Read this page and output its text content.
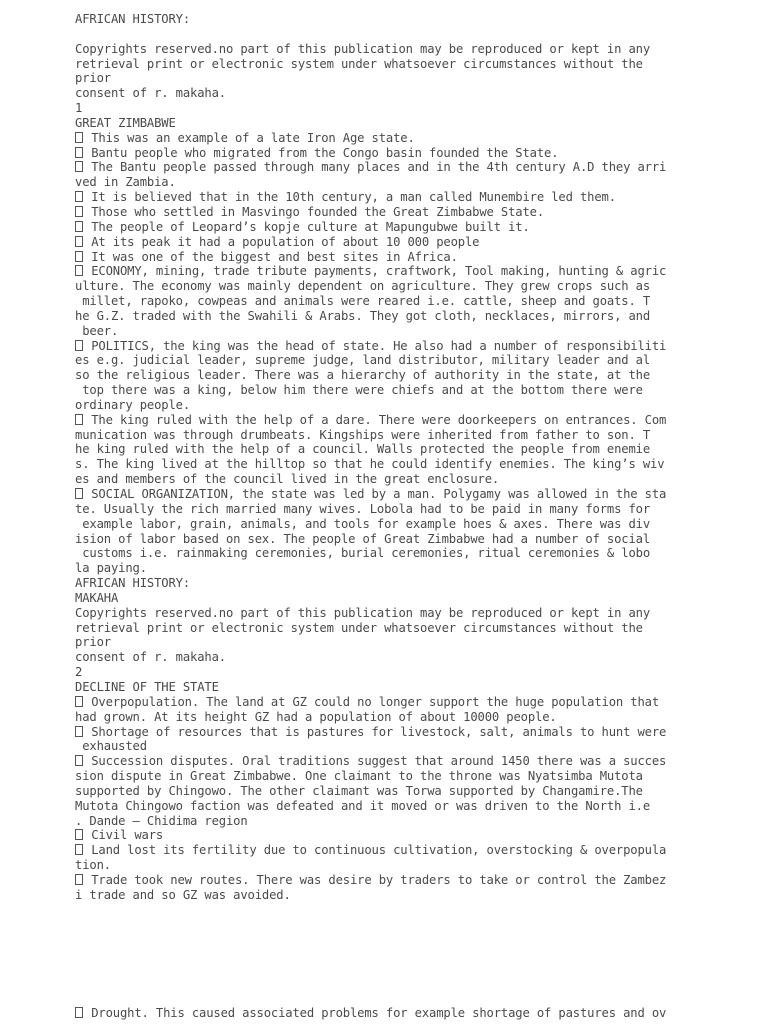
AFRICAN HISTORY:
Copyrights reserved.no part of this publication may be reproduced or kept in any
retrieval print or electronic system under whatsoever circumstances without the
prior
consent of r. makaha.
1
GREAT ZIMBABWE
This was an example of a late Iron Age state.
Bantu people who migrated from the Congo basin founded the State.
The Bantu people passed through many places and in the 4th century A.D they arri
ved in Zambia.
It is believed that in the 10th century, a man called Munembire led them.
Those who settled in Masvingo founded the Great Zimbabwe State.
The people of Leopard’s kopje culture at Mapungubwe built it.
At its peak it had a population of about 10 000 people
It was one of the biggest and best sites in Africa.
ECONOMY, mining, trade tribute payments, craftwork, Tool making, hunting & agric
ulture. The economy was mainly dependent on agriculture. They grew crops such as
millet, rapoko, cowpeas and animals were reared i.e. cattle, sheep and goats. T
he G.Z. traded with the Swahili & Arabs. They got cloth, necklaces, mirrors, and
beer.
POLITICS, the king was the head of state. He also had a number of responsibiliti
es e.g. judicial leader, supreme judge, land distributor, military leader and al
so the religious leader. There was a hierarchy of authority in the state, at the
top there was a king, below him there were chiefs and at the bottom there were
ordinary people.
The king ruled with the help of a dare. There were doorkeepers on entrances. Com
munication was through drumbeats. Kingships were inherited from father to son. T
he king ruled with the help of a council. Walls protected the people from enemie
s. The king lived at the hilltop so that he could identify enemies. The king’s wiv
es and members of the council lived in the great enclosure.
SOCIAL ORGANIZATION, the state was led by a man. Polygamy was allowed in the sta
te. Usually the rich married many wives. Lobola had to be paid in many forms for
example labor, grain, animals, and tools for example hoes & axes. There was div
ision of labor based on sex. The people of Great Zimbabwe had a number of social
customs i.e. rainmaking ceremonies, burial ceremonies, ritual ceremonies & lobo
la paying.
AFRICAN HISTORY:
MAKAHA
Copyrights reserved.no part of this publication may be reproduced or kept in any
retrieval print or electronic system under whatsoever circumstances without the
prior
consent of r. makaha.
2
DECLINE OF THE STATE
Overpopulation. The land at GZ could no longer support the huge population that
had grown. At its height GZ had a population of about 10000 people.
Shortage of resources that is pastures for livestock, salt, animals to hunt were
exhausted
Succession disputes. Oral traditions suggest that around 1450 there was a succes
sion dispute in Great Zimbabwe. One claimant to the throne was Nyatsimba Mutota
supported by Chingowo. The other claimant was Torwa supported by Changamire.The
Mutota Chingowo faction was defeated and it moved or was driven to the North i.e
. Dande – Chidima region
Civil wars
Land lost its fertility due to continuous cultivation, overstocking & overpopula
tion.
Trade took new routes. There was desire by traders to take or control the Zambez
i trade and so GZ was avoided.
Drought. This caused associated problems for example shortage of pastures and ov
